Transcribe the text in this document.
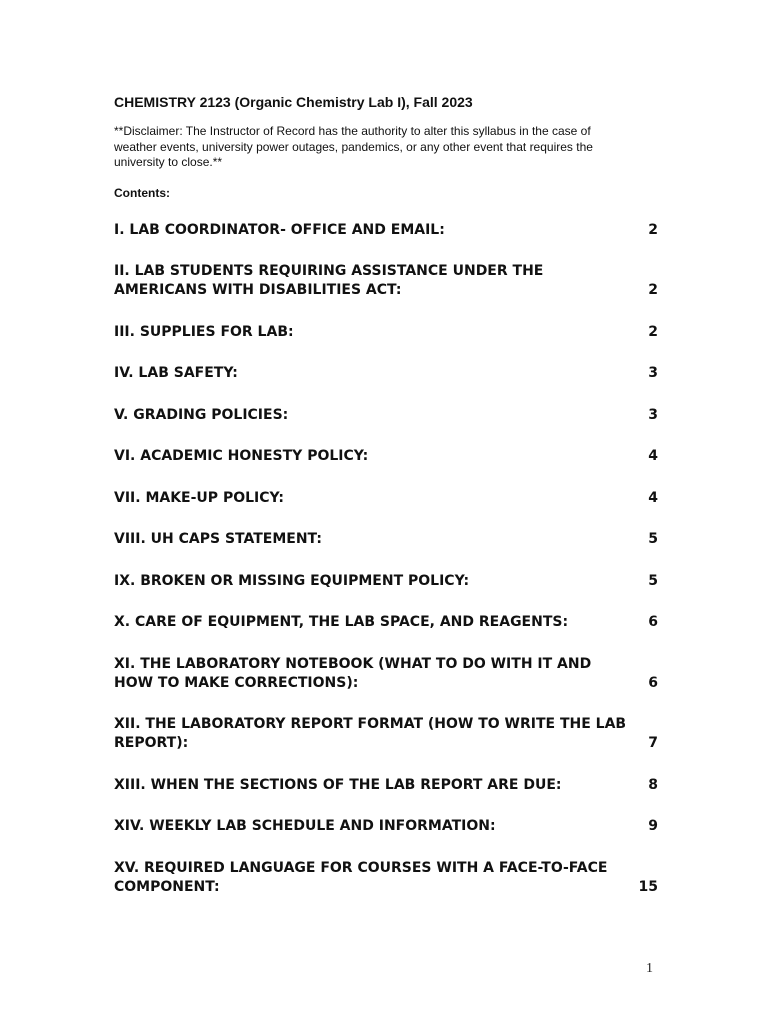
CHEMISTRY 2123 (Organic Chemistry Lab I), Fall 2023
**Disclaimer: The Instructor of Record has the authority to alter this syllabus in the case of weather events, university power outages, pandemics, or any other event that requires the university to close.**
Contents:
I. LAB COORDINATOR- OFFICE AND EMAIL:	2
II. LAB STUDENTS REQUIRING ASSISTANCE UNDER THE AMERICANS WITH DISABILITIES ACT:	2
III. SUPPLIES FOR LAB:	2
IV. LAB SAFETY:	3
V. GRADING POLICIES:	3
VI. ACADEMIC HONESTY POLICY:	4
VII. MAKE-UP POLICY:	4
VIII. UH CAPS STATEMENT:	5
IX. BROKEN OR MISSING EQUIPMENT POLICY:	5
X. CARE OF EQUIPMENT, THE LAB SPACE, AND REAGENTS:	6
XI. THE LABORATORY NOTEBOOK (WHAT TO DO WITH IT AND HOW TO MAKE CORRECTIONS):	6
XII. THE LABORATORY REPORT FORMAT (HOW TO WRITE THE LAB REPORT):	7
XIII. WHEN THE SECTIONS OF THE LAB REPORT ARE DUE:	8
XIV. WEEKLY LAB SCHEDULE AND INFORMATION:	9
XV. REQUIRED LANGUAGE FOR COURSES WITH A FACE-TO-FACE COMPONENT:	15
1
